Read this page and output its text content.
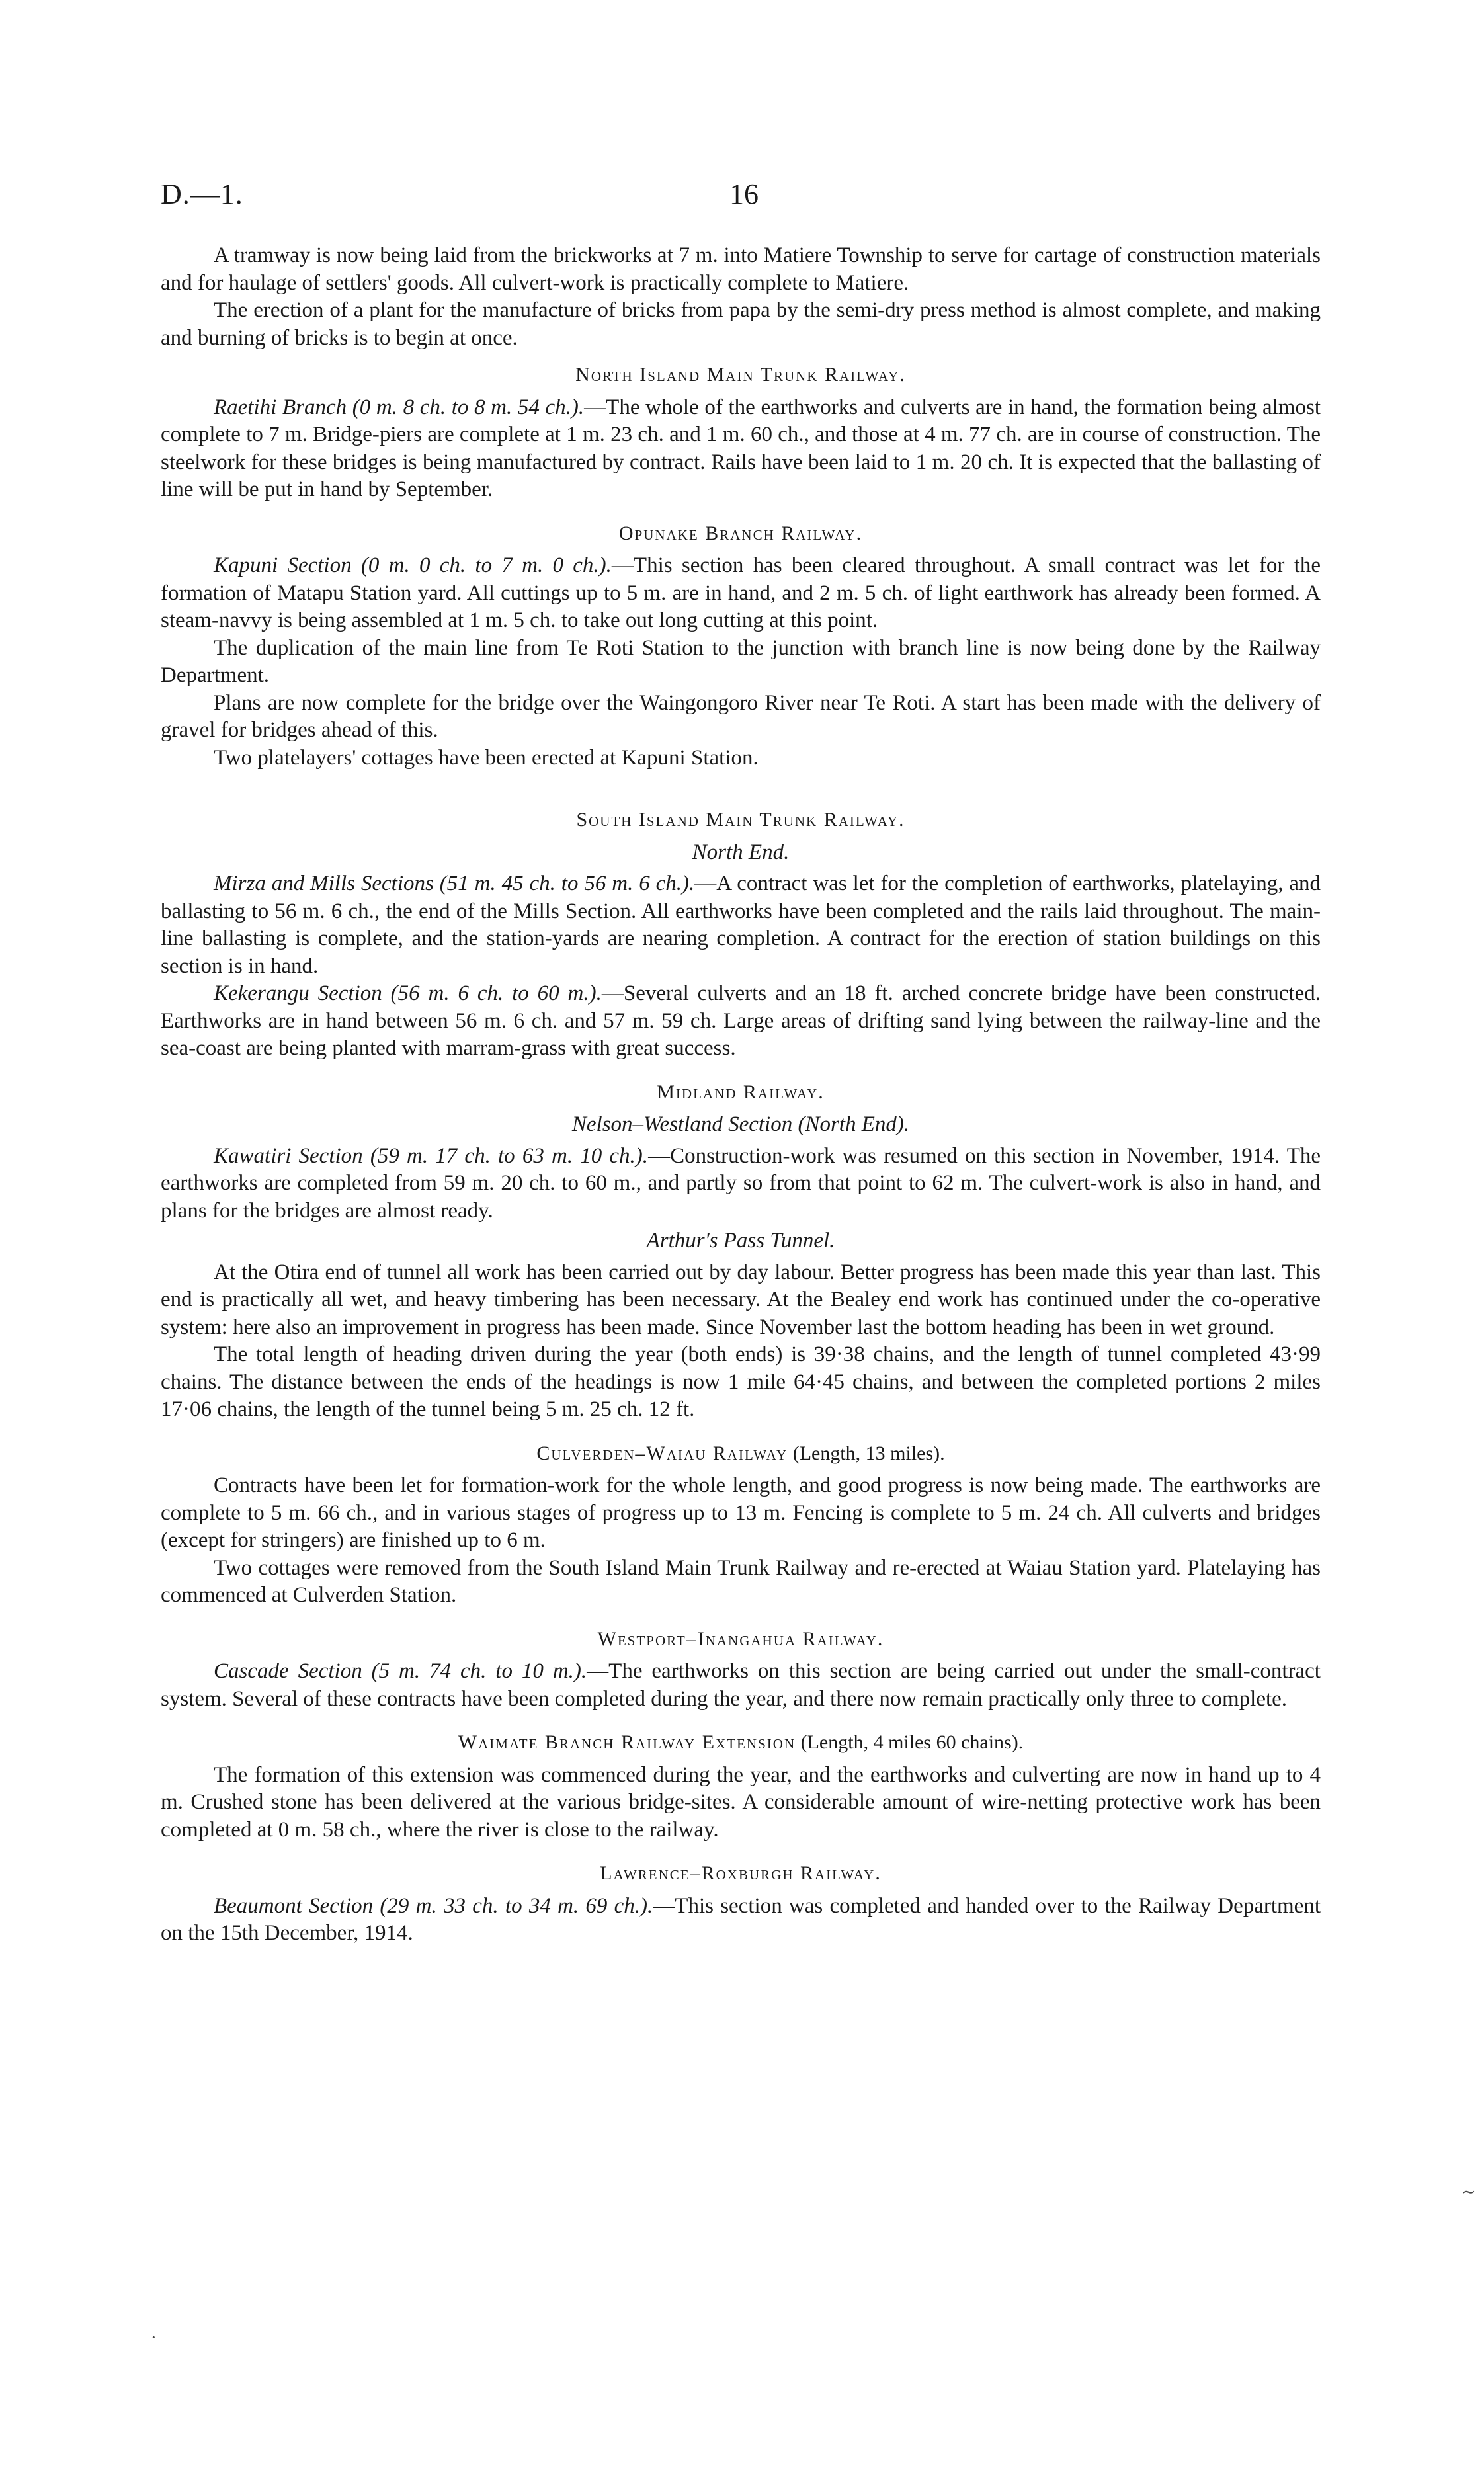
D.—1.	16

A tramway is now being laid from the brickworks at 7 m. into Matiere Township to serve for cartage of construction materials and for haulage of settlers' goods. All culvert-work is practically complete to Matiere.

The erection of a plant for the manufacture of bricks from papa by the semi-dry press method is almost complete, and making and burning of bricks is to begin at once.

North Island Main Trunk Railway.

Raetihi Branch (0 m. 8 ch. to 8 m. 54 ch.).—The whole of the earthworks and culverts are in hand, the formation being almost complete to 7 m. Bridge-piers are complete at 1 m. 23 ch. and 1 m. 60 ch., and those at 4 m. 77 ch. are in course of construction. The steelwork for these bridges is being manufactured by contract. Rails have been laid to 1 m. 20 ch. It is expected that the ballasting of line will be put in hand by September.

Opunake Branch Railway.

Kapuni Section (0 m. 0 ch. to 7 m. 0 ch.).—This section has been cleared throughout. A small contract was let for the formation of Matapu Station yard. All cuttings up to 5 m. are in hand, and 2 m. 5 ch. of light earthwork has already been formed. A steam-navvy is being assembled at 1 m. 5 ch. to take out long cutting at this point.

The duplication of the main line from Te Roti Station to the junction with branch line is now being done by the Railway Department.

Plans are now complete for the bridge over the Waingongoro River near Te Roti. A start has been made with the delivery of gravel for bridges ahead of this.

Two platelayers' cottages have been erected at Kapuni Station.

South Island Main Trunk Railway.
North End.

Mirza and Mills Sections (51 m. 45 ch. to 56 m. 6 ch.).—A contract was let for the completion of earthworks, platelaying, and ballasting to 56 m. 6 ch., the end of the Mills Section. All earthworks have been completed and the rails laid throughout. The main-line ballasting is complete, and the station-yards are nearing completion. A contract for the erection of station buildings on this section is in hand.

Kekerangu Section (56 m. 6 ch. to 60 m.).—Several culverts and an 18 ft. arched concrete bridge have been constructed. Earthworks are in hand between 56 m. 6 ch. and 57 m. 59 ch. Large areas of drifting sand lying between the railway-line and the sea-coast are being planted with marram-grass with great success.

Midland Railway.
Nelson–Westland Section (North End).

Kawatiri Section (59 m. 17 ch. to 63 m. 10 ch.).—Construction-work was resumed on this section in November, 1914. The earthworks are completed from 59 m. 20 ch. to 60 m., and partly so from that point to 62 m. The culvert-work is also in hand, and plans for the bridges are almost ready.

Arthur's Pass Tunnel.

At the Otira end of tunnel all work has been carried out by day labour. Better progress has been made this year than last. This end is practically all wet, and heavy timbering has been necessary. At the Bealey end work has continued under the co-operative system: here also an improvement in progress has been made. Since November last the bottom heading has been in wet ground.

The total length of heading driven during the year (both ends) is 39·38 chains, and the length of tunnel completed 43·99 chains. The distance between the ends of the headings is now 1 mile 64·45 chains, and between the completed portions 2 miles 17·06 chains, the length of the tunnel being 5 m. 25 ch. 12 ft.

Culverden–Waiau Railway (Length, 13 miles).

Contracts have been let for formation-work for the whole length, and good progress is now being made. The earthworks are complete to 5 m. 66 ch., and in various stages of progress up to 13 m. Fencing is complete to 5 m. 24 ch. All culverts and bridges (except for stringers) are finished up to 6 m.

Two cottages were removed from the South Island Main Trunk Railway and re-erected at Waiau Station yard. Platelaying has commenced at Culverden Station.

Westport–Inangahua Railway.

Cascade Section (5 m. 74 ch. to 10 m.).—The earthworks on this section are being carried out under the small-contract system. Several of these contracts have been completed during the year, and there now remain practically only three to complete.

Waimate Branch Railway Extension (Length, 4 miles 60 chains).

The formation of this extension was commenced during the year, and the earthworks and culverting are now in hand up to 4 m. Crushed stone has been delivered at the various bridge-sites. A considerable amount of wire-netting protective work has been completed at 0 m. 58 ch., where the river is close to the railway.

Lawrence–Roxburgh Railway.

Beaumont Section (29 m. 33 ch. to 34 m. 69 ch.).—This section was completed and handed over to the Railway Department on the 15th December, 1914.

∼
·
